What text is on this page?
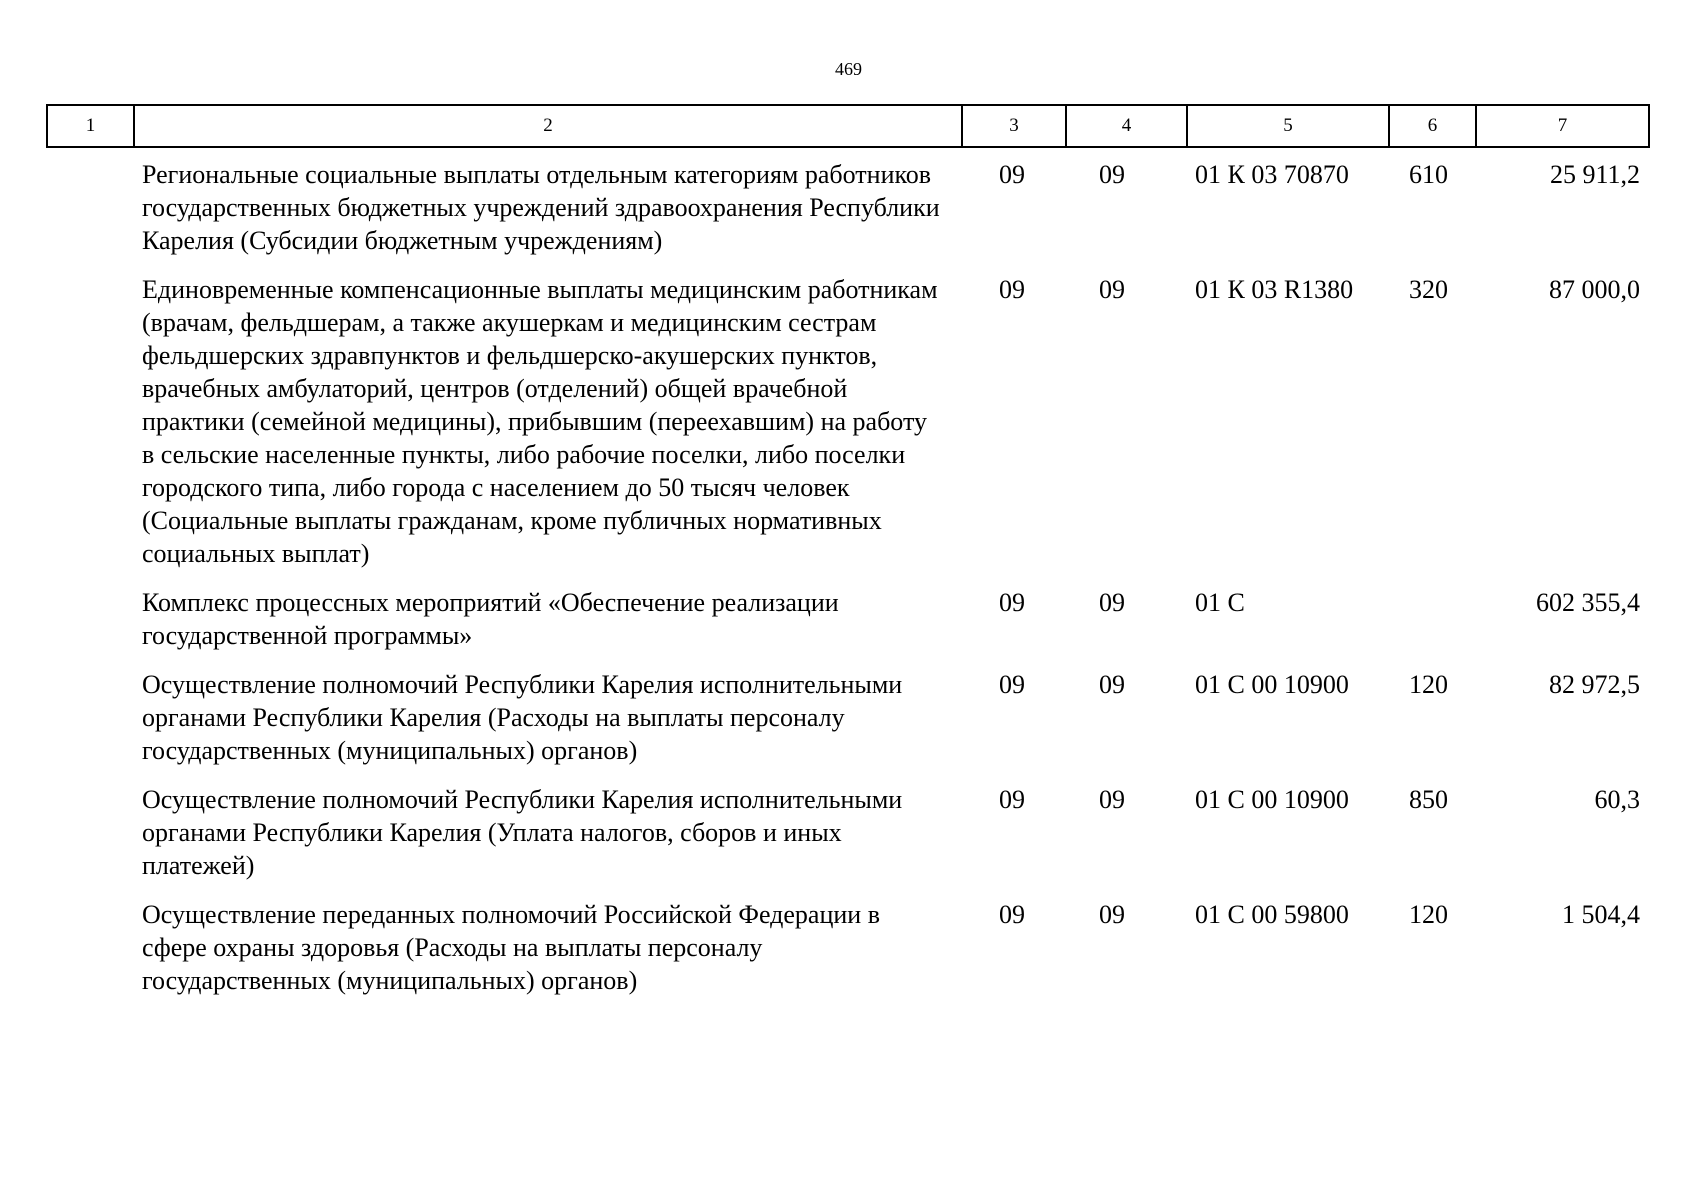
469
1	2	3	4	5	6	7
Региональные социальные выплаты отдельным категориям работников государственных бюджетных учреждений здравоохранения Республики Карелия (Субсидии бюджетным учреждениям)	09	09	01 К 03 70870	610	25 911,2
Единовременные компенсационные выплаты медицинским работникам (врачам, фельдшерам, а также акушеркам и медицинским сестрам фельдшерских здравпунктов и фельдшерско-акушерских пунктов, врачебных амбулаторий, центров (отделений) общей врачебной практики (семейной медицины), прибывшим (переехавшим) на работу в сельские населенные пункты, либо рабочие поселки, либо поселки городского типа, либо города с населением до 50 тысяч человек (Социальные выплаты гражданам, кроме публичных нормативных социальных выплат)	09	09	01 К 03 R1380	320	87 000,0
Комплекс процессных мероприятий «Обеспечение реализации государственной программы»	09	09	01 С		602 355,4
Осуществление полномочий Республики Карелия исполнительными органами Республики Карелия (Расходы на выплаты персоналу государственных (муниципальных) органов)	09	09	01 С 00 10900	120	82 972,5
Осуществление полномочий Республики Карелия исполнительными органами Республики Карелия (Уплата налогов, сборов и иных платежей)	09	09	01 С 00 10900	850	60,3
Осуществление переданных полномочий Российской Федерации в сфере охраны здоровья (Расходы на выплаты персоналу государственных (муниципальных) органов)	09	09	01 С 00 59800	120	1 504,4
